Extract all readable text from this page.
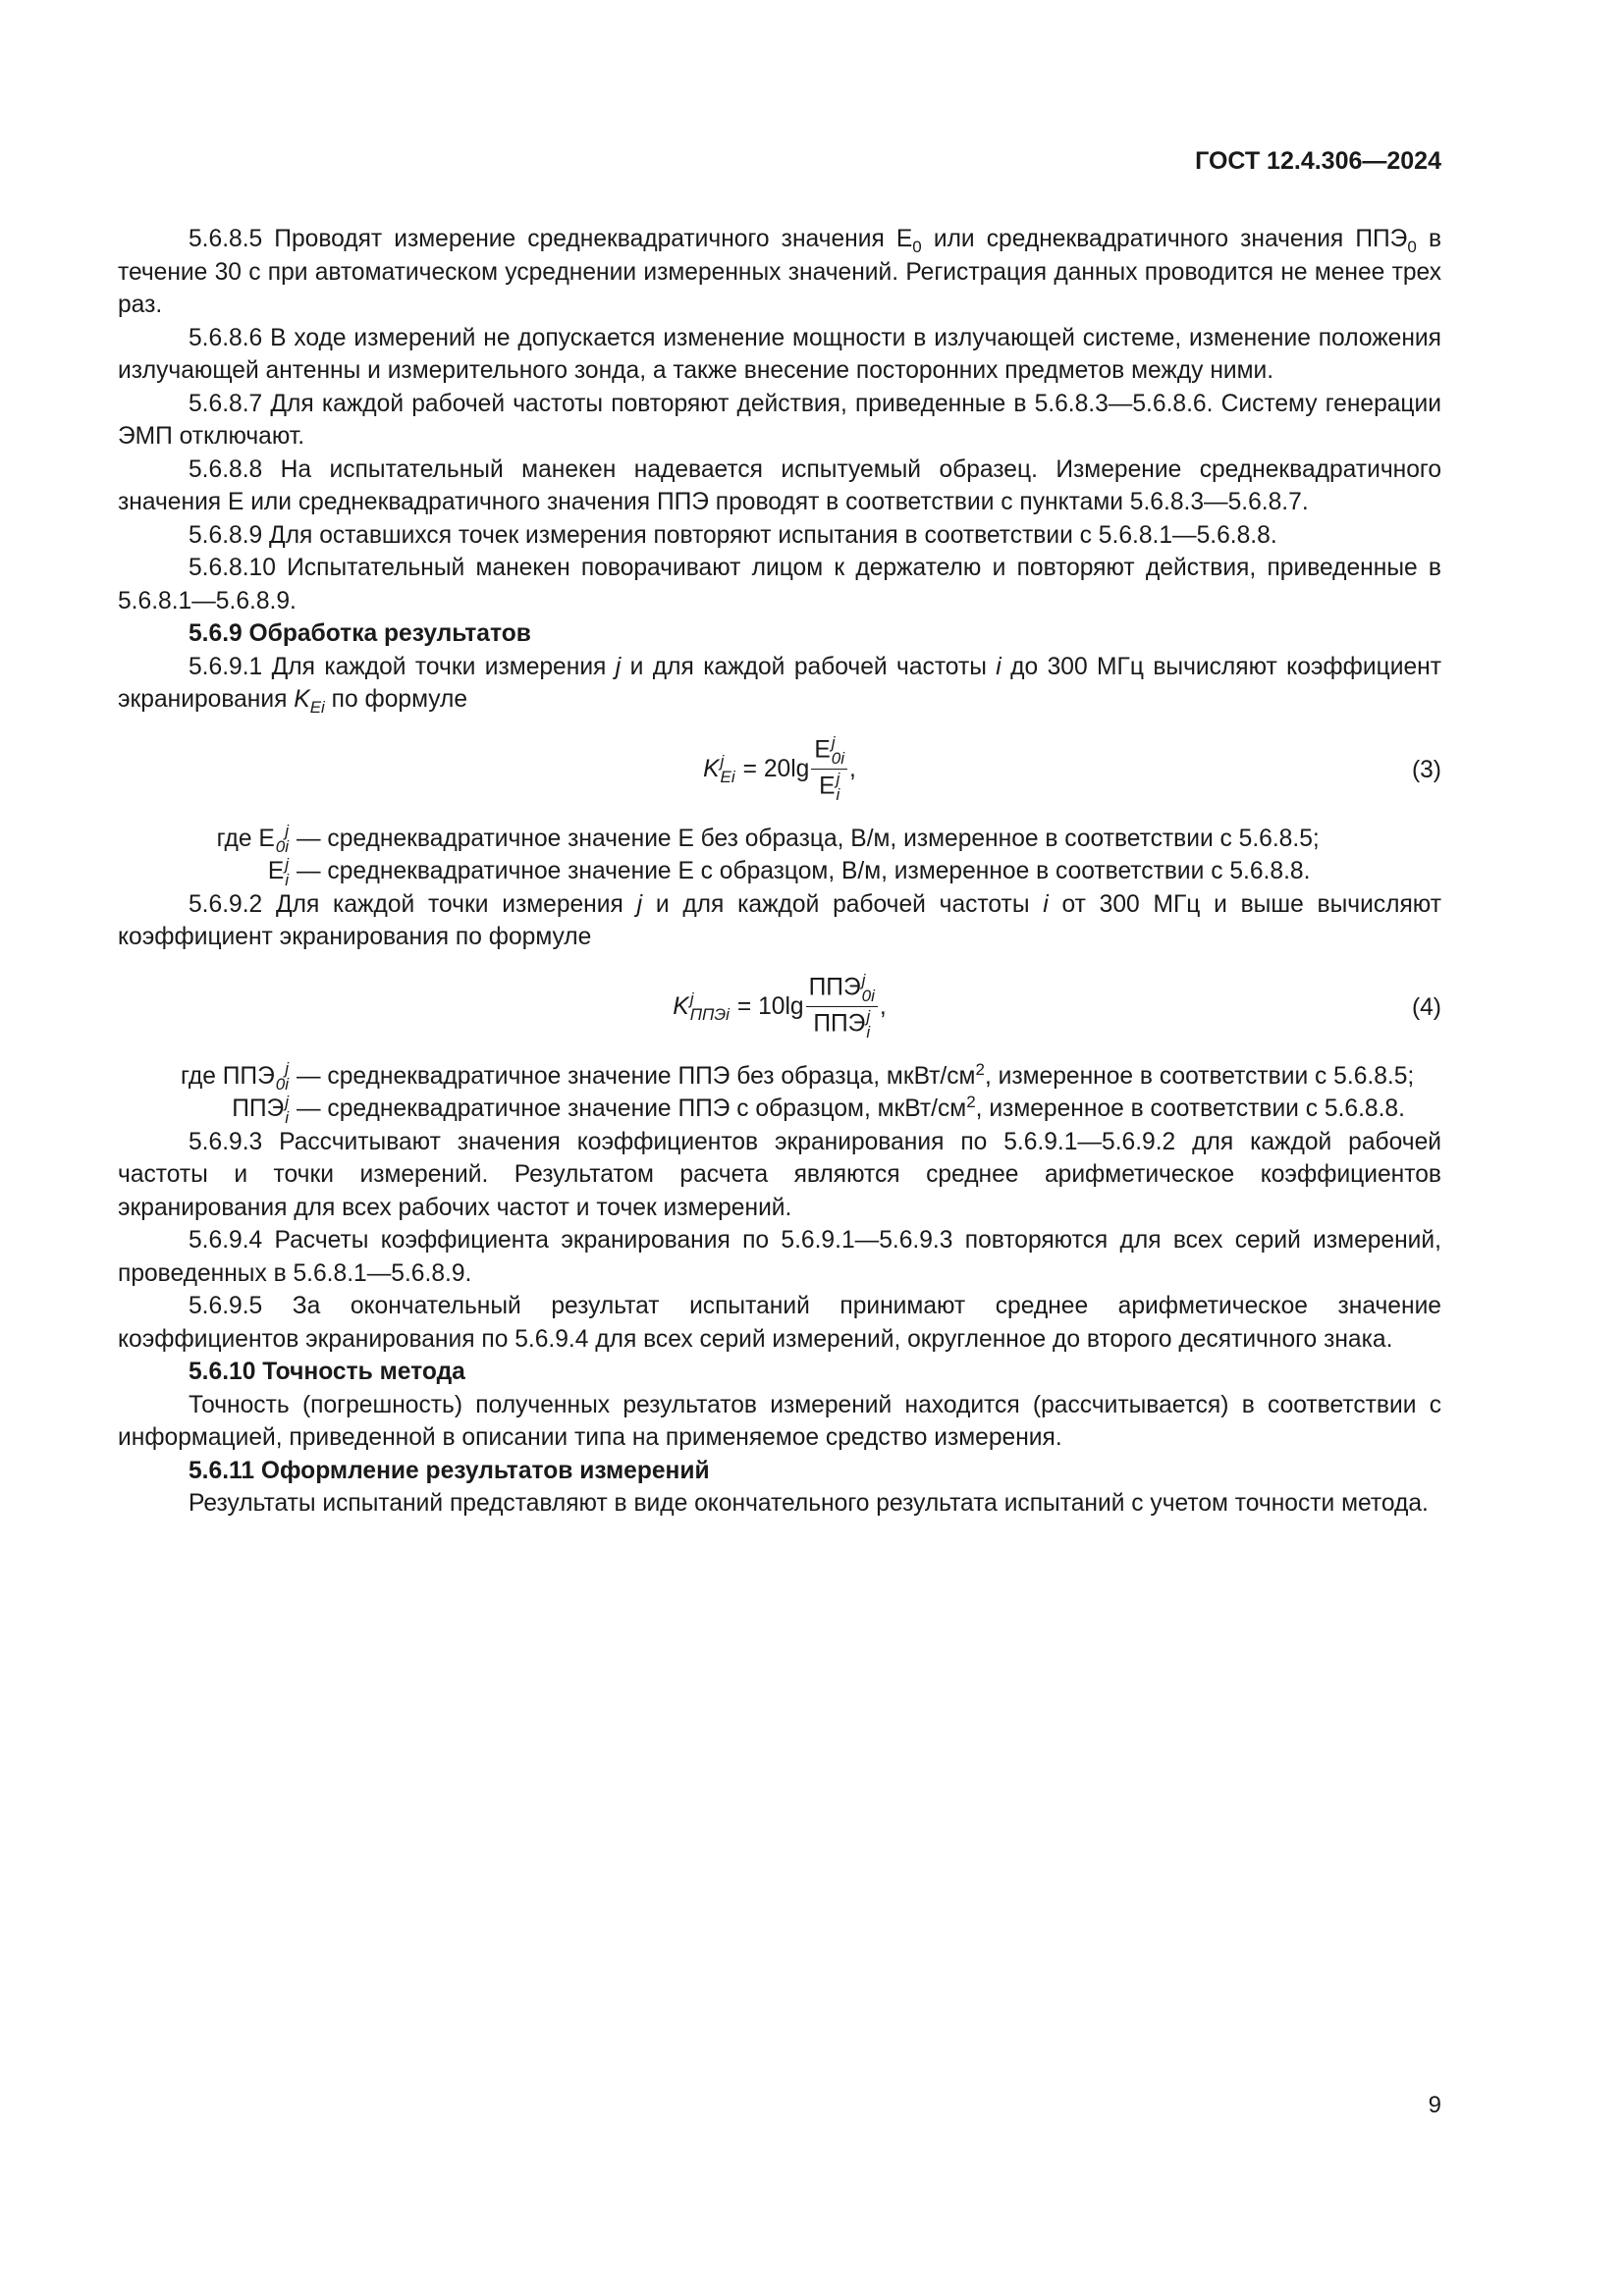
ГОСТ 12.4.306—2024
5.6.8.5 Проводят измерение среднеквадратичного значения $E_0$ или среднеквадратичного значения $ППЭ_0$ в течение 30 с при автоматическом усреднении измеренных значений. Регистрация данных проводится не менее трех раз.
5.6.8.6 В ходе измерений не допускается изменение мощности в излучающей системе, изменение положения излучающей антенны и измерительного зонда, а также внесение посторонних предметов между ними.
5.6.8.7 Для каждой рабочей частоты повторяют действия, приведенные в 5.6.8.3—5.6.8.6. Систему генерации ЭМП отключают.
5.6.8.8 На испытательный манекен надевается испытуемый образец. Измерение среднеквадратичного значения E или среднеквадратичного значения ППЭ проводят в соответствии с пунктами 5.6.8.3—5.6.8.7.
5.6.8.9 Для оставшихся точек измерения повторяют испытания в соответствии с 5.6.8.1—5.6.8.8.
5.6.8.10 Испытательный манекен поворачивают лицом к держателю и повторяют действия, приведенные в 5.6.8.1—5.6.8.9.
5.6.9 Обработка результатов
5.6.9.1 Для каждой точки измерения j и для каждой рабочей частоты i до 300 МГц вычисляют коэффициент экранирования $K_{Ei}$ по формуле
K j
Ei = 20lg E j
0i
E j
i ,	(3)
где E j
0i — среднеквадратичное значение E без образца, В/м, измеренное в соответствии с 5.6.8.5;
E j
i — среднеквадратичное значение E с образцом, В/м, измеренное в соответствии с 5.6.8.8.
5.6.9.2 Для каждой точки измерения j и для каждой рабочей частоты i от 300 МГц и выше вычисляют коэффициент экранирования по формуле
K j
ППЭi = 10lg ППЭ j
0i
ППЭ j
i ,	(4)
где ППЭ j
0i — среднеквадратичное значение ППЭ без образца, мкВт/$см^2$, измеренное в соответствии с 5.6.8.5;
ППЭ j
i — среднеквадратичное значение ППЭ с образцом, мкВт/$см^2$, измеренное в соответствии с 5.6.8.8.
5.6.9.3 Рассчитывают значения коэффициентов экранирования по 5.6.9.1—5.6.9.2 для каждой рабочей частоты и точки измерений. Результатом расчета являются среднее арифметическое коэффициентов экранирования для всех рабочих частот и точек измерений.
5.6.9.4 Расчеты коэффициента экранирования по 5.6.9.1—5.6.9.3 повторяются для всех серий измерений, проведенных в 5.6.8.1—5.6.8.9.
5.6.9.5 За окончательный результат испытаний принимают среднее арифметическое значение коэффициентов экранирования по 5.6.9.4 для всех серий измерений, округленное до второго десятичного знака.
5.6.10 Точность метода
Точность (погрешность) полученных результатов измерений находится (рассчитывается) в соответствии с информацией, приведенной в описании типа на применяемое средство измерения.
5.6.11 Оформление результатов измерений
Результаты испытаний представляют в виде окончательного результата испытаний с учетом точности метода.
9
